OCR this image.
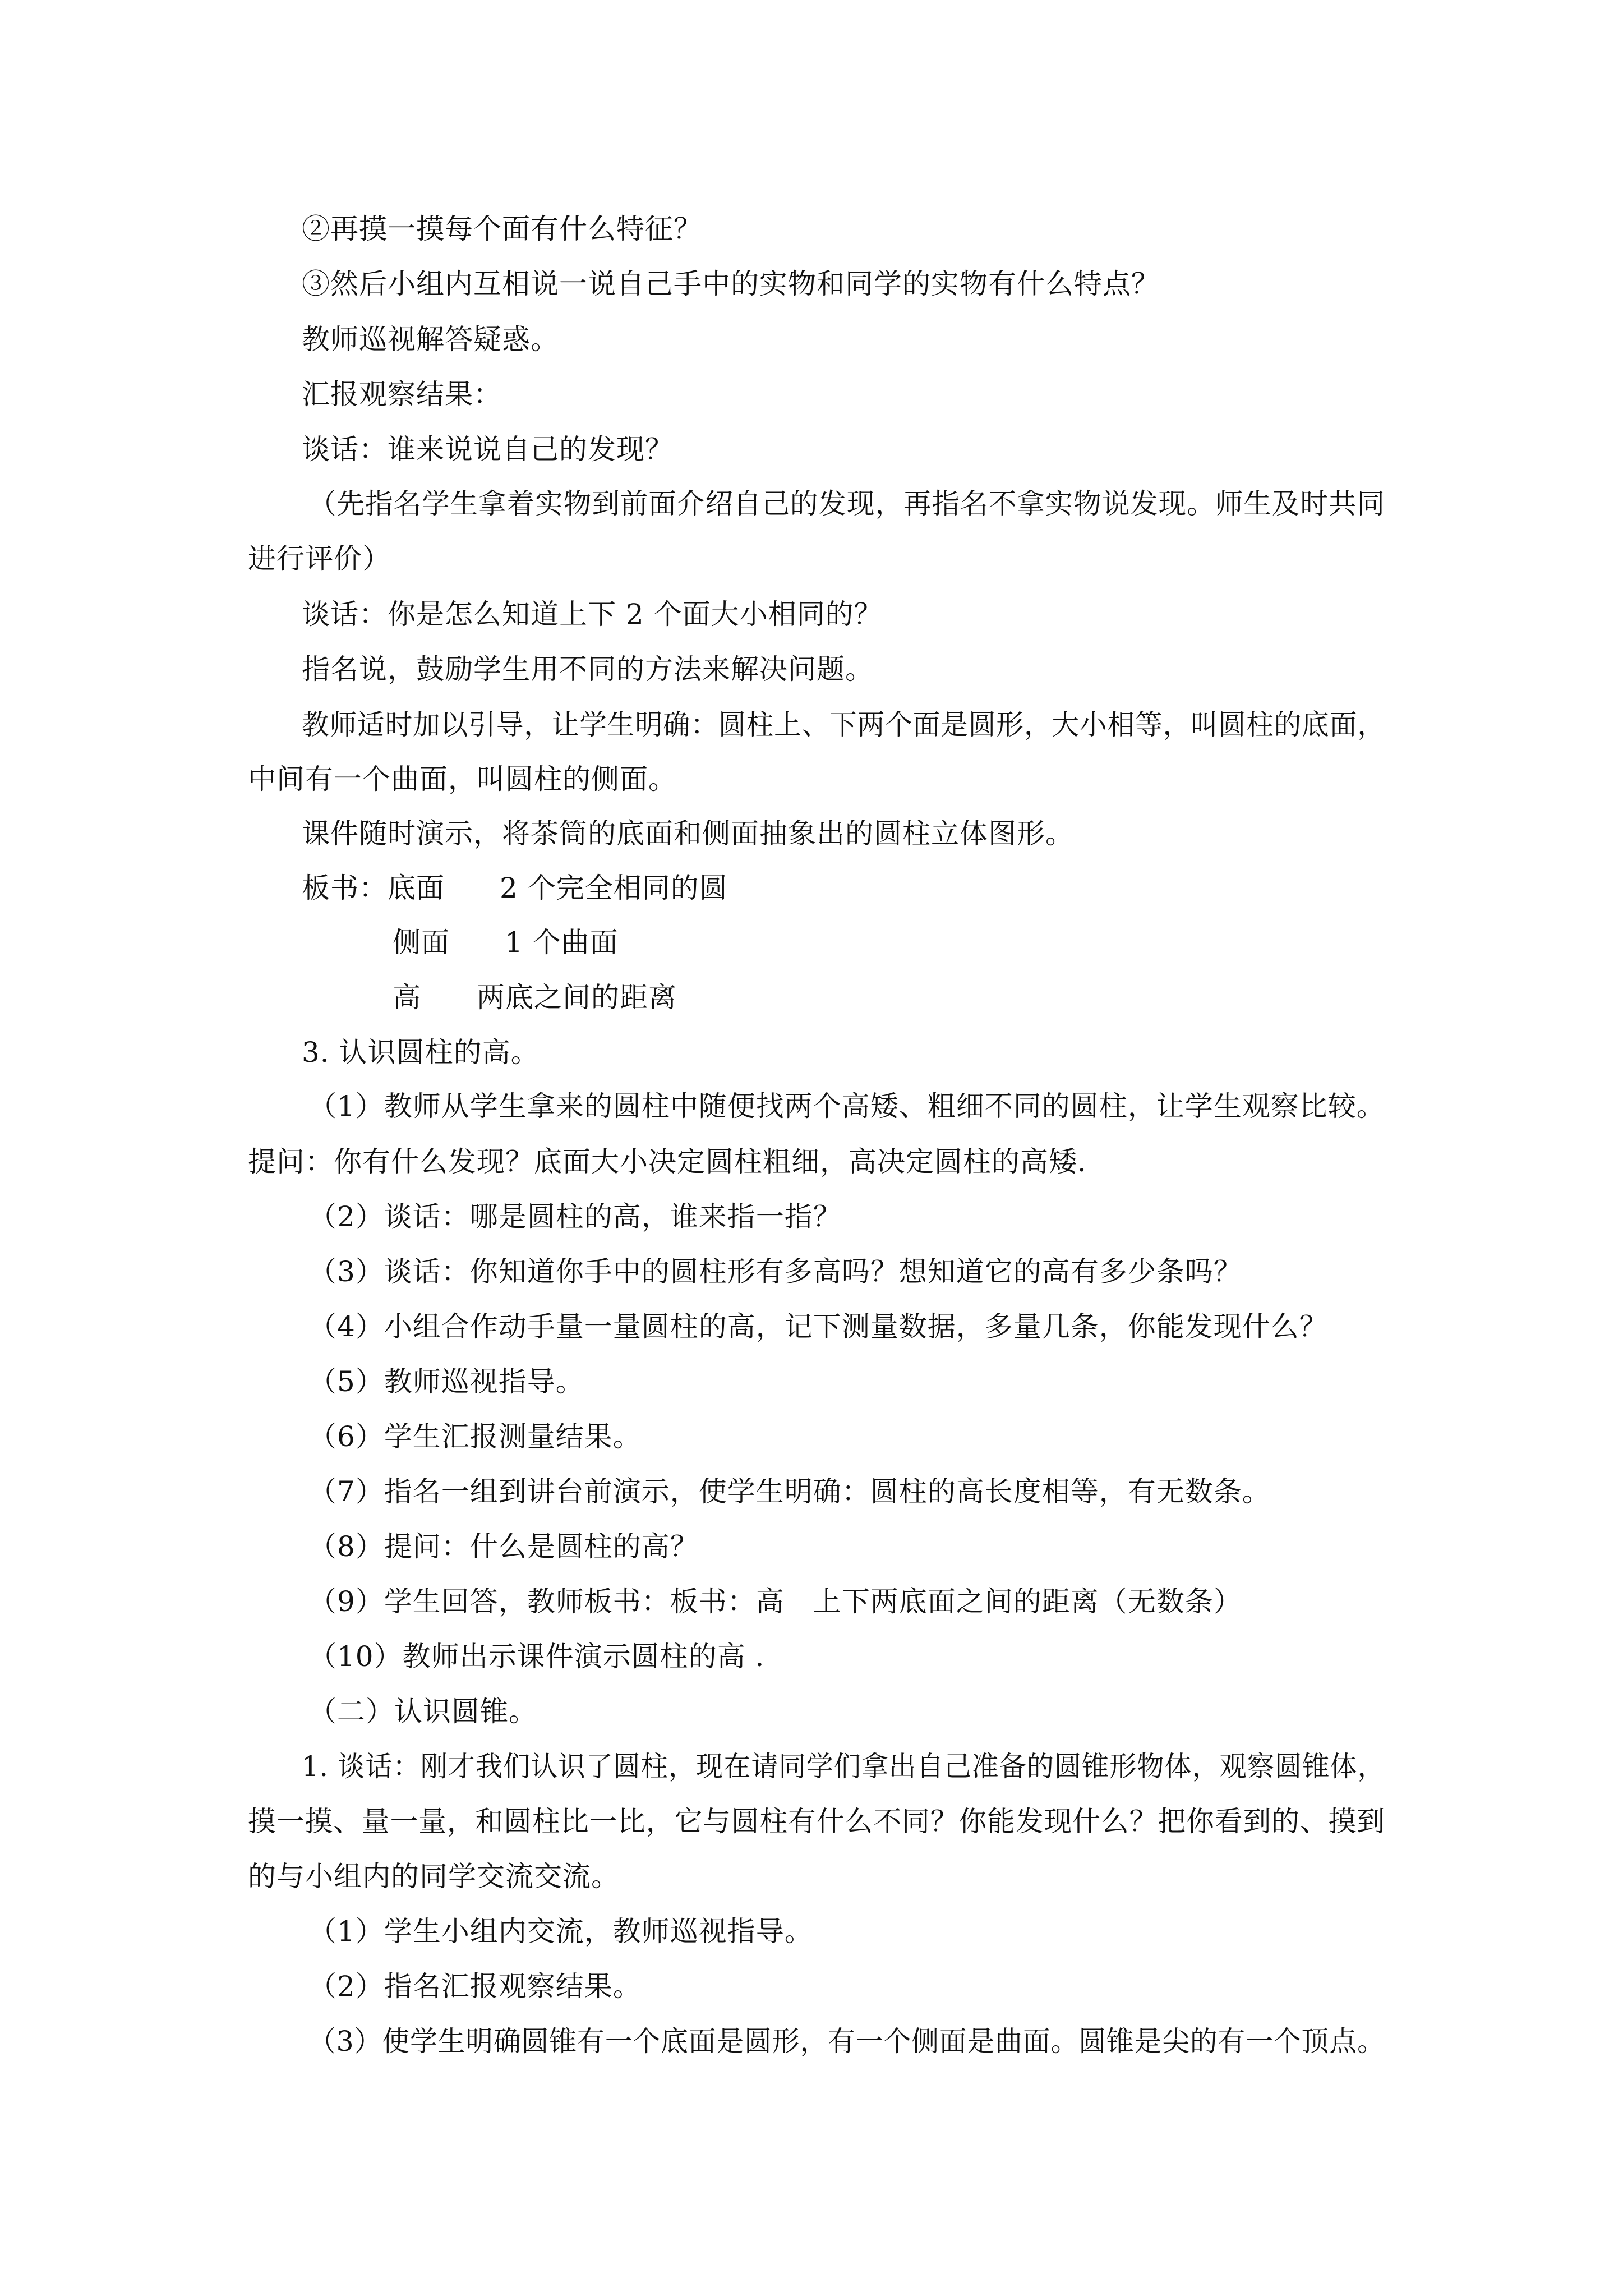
②再摸一摸每个面有什么特征？
③然后小组内互相说一说自己手中的实物和同学的实物有什么特点？
教师巡视解答疑惑。
汇报观察结果：
谈话：谁来说说自己的发现？
（先指名学生拿着实物到前面介绍自己的发现，再指名不拿实物说发现。师生及时共同
进行评价）
谈话：你是怎么知道上下 2 个面大小相同的？
指名说，鼓励学生用不同的方法来解决问题。
教师适时加以引导，让学生明确：圆柱上、下两个面是圆形，大小相等，叫圆柱的底面，
中间有一个曲面，叫圆柱的侧面。
课件随时演示，将茶筒的底面和侧面抽象出的圆柱立体图形。
板书：底面 2 个完全相同的圆
侧面 1 个曲面
高 两底之间的距离
3. 认识圆柱的高。
（1）教师从学生拿来的圆柱中随便找两个高矮、粗细不同的圆柱，让学生观察比较。
提问：你有什么发现？底面大小决定圆柱粗细，高决定圆柱的高矮.
（2）谈话：哪是圆柱的高，谁来指一指？
（3）谈话：你知道你手中的圆柱形有多高吗？想知道它的高有多少条吗？
（4）小组合作动手量一量圆柱的高，记下测量数据，多量几条，你能发现什么？
（5）教师巡视指导。
（6）学生汇报测量结果。
（7）指名一组到讲台前演示，使学生明确：圆柱的高长度相等，有无数条。
（8）提问：什么是圆柱的高？
（9）学生回答，教师板书：板书：高　上下两底面之间的距离（无数条）
（10）教师出示课件演示圆柱的高 .
（二）认识圆锥。
1. 谈话：刚才我们认识了圆柱，现在请同学们拿出自己准备的圆锥形物体，观察圆锥体，
摸一摸、量一量，和圆柱比一比，它与圆柱有什么不同？你能发现什么？把你看到的、摸到
的与小组内的同学交流交流。
（1）学生小组内交流，教师巡视指导。
（2）指名汇报观察结果。
（3）使学生明确圆锥有一个底面是圆形，有一个侧面是曲面。圆锥是尖的有一个顶点。
